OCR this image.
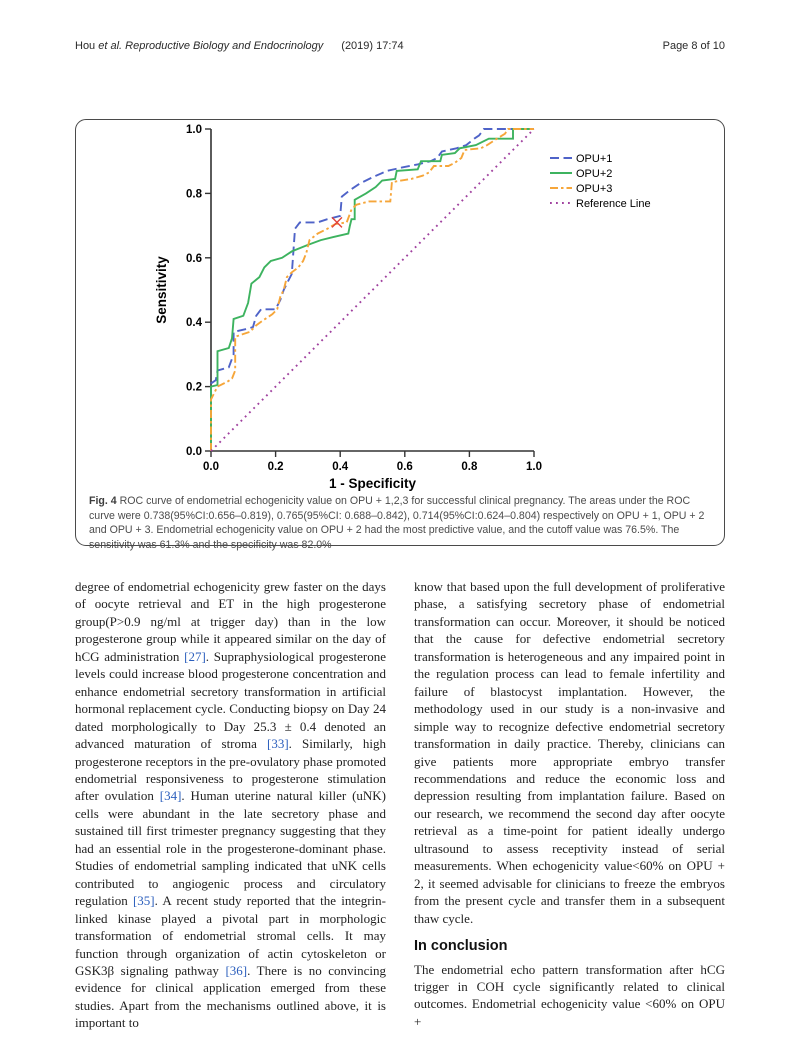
Hou et al. Reproductive Biology and Endocrinology (2019) 17:74	Page 8 of 10
0.0
0.2
0.4
0.6
0.8
1.0
0.0	0.2	0.4	0.6	0.8	1.0
1 - Specificity
Sensitivity
OPU+1
OPU+2
OPU+3
Reference Line
Fig. 4 ROC curve of endometrial echogenicity value on OPU + 1,2,3 for successful clinical pregnancy. The areas under the ROC curve were 0.738(95%CI:0.656–0.819), 0.765(95%CI: 0.688–0.842), 0.714(95%CI:0.624–0.804) respectively on OPU + 1, OPU + 2 and OPU + 3. Endometrial echogenicity value on OPU + 2 had the most predictive value, and the cutoff value was 76.5%. The sensitivity was 61.3% and the specificity was 82.0%

degree of endometrial echogenicity grew faster on the days of oocyte retrieval and ET in the high progesterone group(P>0.9 ng/ml at trigger day) than in the low progesterone group while it appeared similar on the day of hCG administration [27]. Supraphysiological progesterone levels could increase blood progesterone concentration and enhance endometrial secretory transformation in artificial hormonal replacement cycle. Conducting biopsy on Day 24 dated morphologically to Day 25.3 ± 0.4 denoted an advanced maturation of stroma [33]. Similarly, high progesterone receptors in the pre-ovulatory phase promoted endometrial responsiveness to progesterone stimulation after ovulation [34]. Human uterine natural killer (uNK) cells were abundant in the late secretory phase and sustained till first trimester pregnancy suggesting that they had an essential role in the progesterone-dominant phase. Studies of endometrial sampling indicated that uNK cells contributed to angiogenic process and circulatory regulation [35]. A recent study reported that the integrin-linked kinase played a pivotal part in morphologic transformation of endometrial stromal cells. It may function through organization of actin cytoskeleton or GSK3β signaling pathway [36]. There is no convincing evidence for clinical application emerged from these studies. Apart from the mechanisms outlined above, it is important to

know that based upon the full development of proliferative phase, a satisfying secretory phase of endometrial transformation can occur. Moreover, it should be noticed that the cause for defective endometrial secretory transformation is heterogeneous and any impaired point in the regulation process can lead to female infertility and failure of blastocyst implantation. However, the methodology used in our study is a non-invasive and simple way to recognize defective endometrial secretory transformation in daily practice. Thereby, clinicians can give patients more appropriate embryo transfer recommendations and reduce the economic loss and depression resulting from implantation failure. Based on our research, we recommend the second day after oocyte retrieval as a time-point for patient ideally undergo ultrasound to assess receptivity instead of serial measurements. When echogenicity value<60% on OPU + 2, it seemed advisable for clinicians to freeze the embryos from the present cycle and transfer them in a subsequent thaw cycle.

In conclusion

The endometrial echo pattern transformation after hCG trigger in COH cycle significantly related to clinical outcomes. Endometrial echogenicity value <60% on OPU +
